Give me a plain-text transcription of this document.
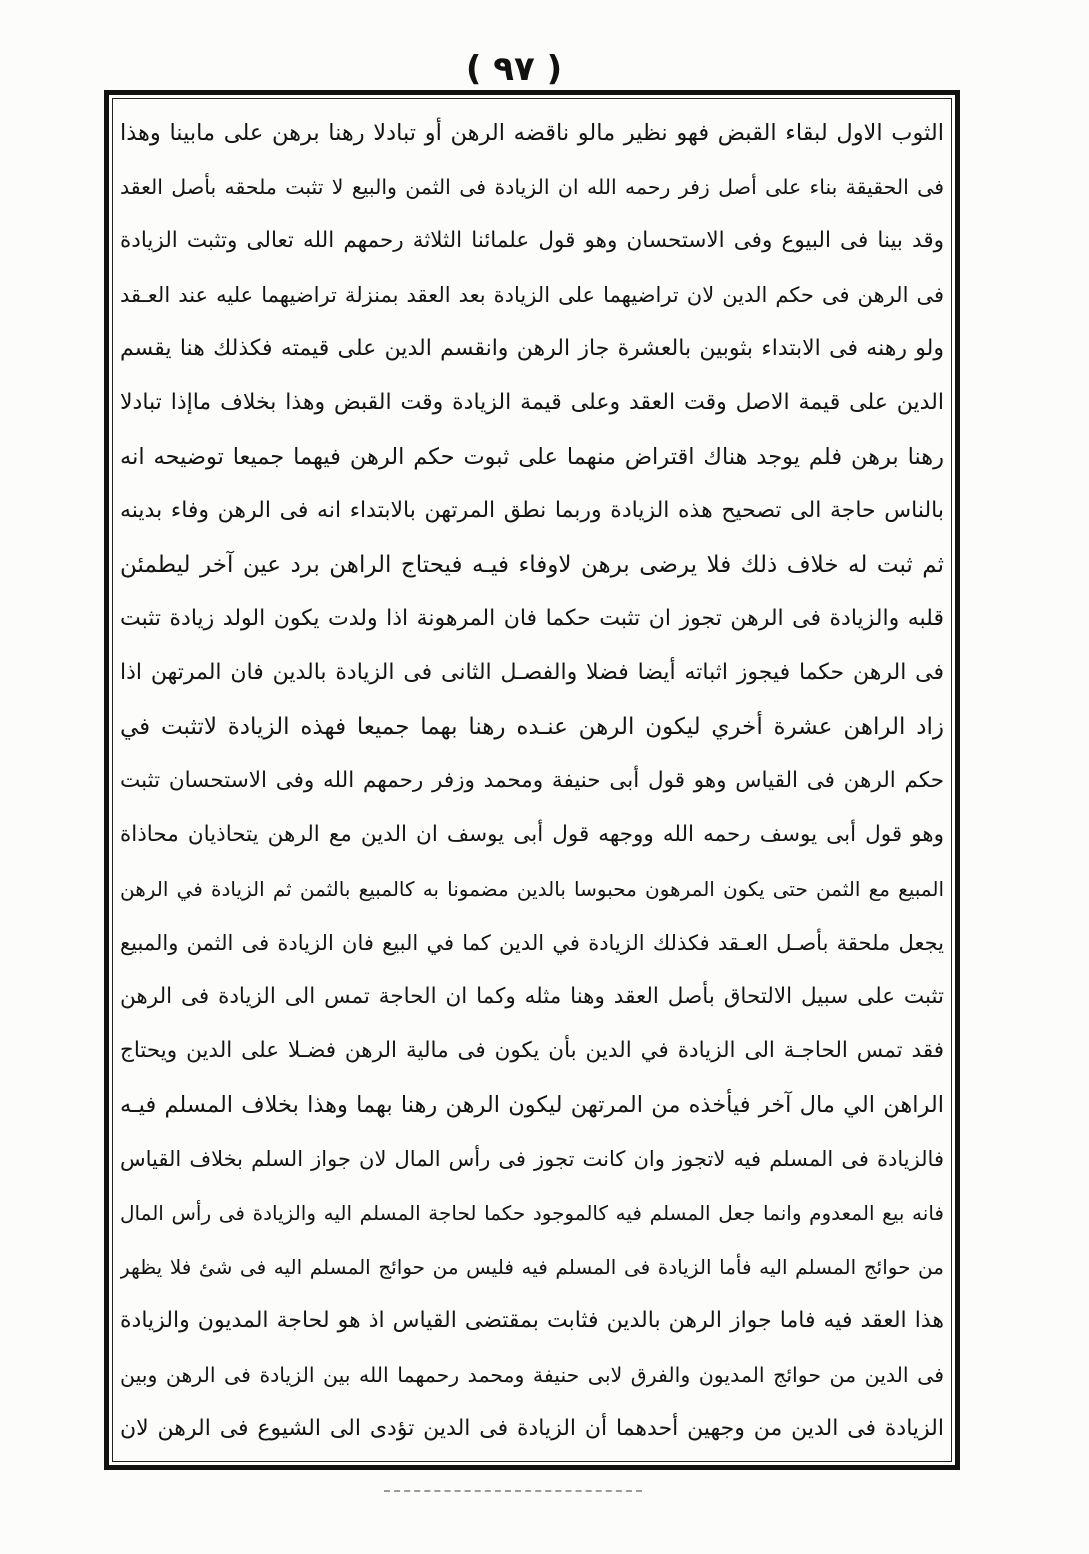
( ٩٧ )
الثوب الاول لبقاء القبض فهو نظير مالو ناقضه الرهن أو تبادلا رهنا برهن على مابينا وهذا
فى الحقيقة بناء على أصل زفر رحمه الله ان الزيادة فى الثمن والبيع لا تثبت ملحقه بأصل العقد
وقد بينا فى البيوع وفى الاستحسان وهو قول علمائنا الثلاثة رحمهم الله تعالى وتثبت الزيادة
فى الرهن فى حكم الدين لان تراضيهما على الزيادة بعد العقد بمنزلة تراضيهما عليه عند العـقد
ولو رهنه فى الابتداء بثوبين بالعشرة جاز الرهن وانقسم الدين على قيمته فكذلك هنا يقسم
الدين على قيمة الاصل وقت العقد وعلى قيمة الزيادة وقت القبض وهذا بخلاف ماإذا تبادلا
رهنا برهن فلم يوجد هناك اقتراض منهما على ثبوت حكم الرهن فيهما جميعا توضيحه انه
بالناس حاجة الى تصحيح هذه الزيادة وربما نطق المرتهن بالابتداء انه فى الرهن وفاء بدينه
ثم ثبت له خلاف ذلك فلا يرضى برهن لاوفاء فيـه فيحتاج الراهن برد عين آخر ليطمئن
قلبه والزيادة فى الرهن تجوز ان تثبت حكما فان المرهونة اذا ولدت يكون الولد زيادة تثبت
فى الرهن حكما فيجوز اثباته أيضا فضلا والفصـل الثانى فى الزيادة بالدين فان المرتهن اذا
زاد الراهن عشرة أخري ليكون الرهن عنـده رهنا بهما جميعا فهذه الزيادة لاتثبت في
حكم الرهن فى القياس وهو قول أبى حنيفة ومحمد وزفر رحمهم الله وفى الاستحسان تثبت
وهو قول أبى يوسف رحمه الله ووجهه قول أبى يوسف ان الدين مع الرهن يتحاذيان محاذاة
المبيع مع الثمن حتى يكون المرهون محبوسا بالدين مضمونا به كالمبيع بالثمن ثم الزيادة في الرهن
يجعل ملحقة بأصـل العـقد فكذلك الزيادة في الدين كما في البيع فان الزيادة فى الثمن والمبيع
تثبت على سبيل الالتحاق بأصل العقد وهنا مثله وكما ان الحاجة تمس الى الزيادة فى الرهن
فقد تمس الحاجـة الى الزيادة في الدين بأن يكون فى مالية الرهن فضـلا على الدين ويحتاج
الراهن الي مال آخر فيأخذه من المرتهن ليكون الرهن رهنا بهما وهذا بخلاف المسلم فيـه
فالزيادة فى المسلم فيه لاتجوز وان كانت تجوز فى رأس المال لان جواز السلم بخلاف القياس
فانه بيع المعدوم وانما جعل المسلم فيه كالموجود حكما لحاجة المسلم اليه والزيادة فى رأس المال
من حوائج المسلم اليه فأما الزيادة فى المسلم فيه فليس من حوائج المسلم اليه فى شئ فلا يظهر
هذا العقد فيه فاما جواز الرهن بالدين فثابت بمقتضى القياس اذ هو لحاجة المديون والزيادة
فى الدين من حوائج المديون والفرق لابى حنيفة ومحمد رحمهما الله بين الزيادة فى الرهن وبين
الزيادة فى الدين من وجهين أحدهما أن الزيادة فى الدين تؤدى الى الشيوع فى الرهن لان
